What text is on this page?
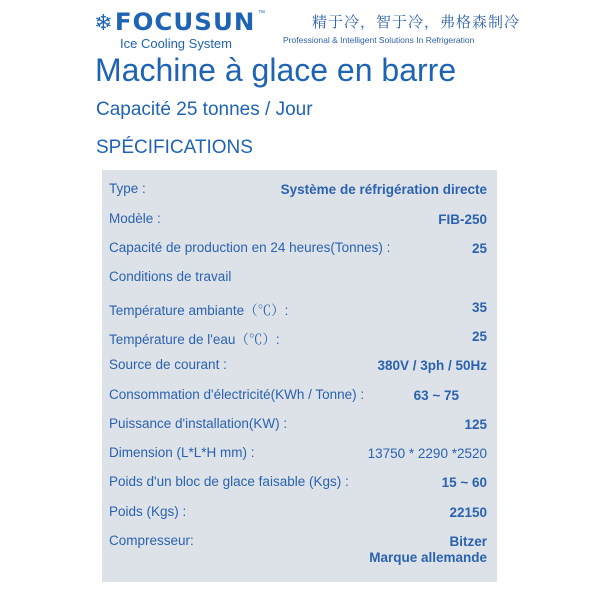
❄FOCUSUN ™
Ice Cooling System
精于冷，智于冷，弗格森制冷
Professional & Intelligent Solutions In Refrigeration
Machine à glace en barre
Capacité 25 tonnes / Jour
SPÉCIFICATIONS
Type :	Système de réfrigération directe
Modèle :	FIB-250
Capacité de production en 24 heures(Tonnes) :	25
Conditions de travail
Température ambiante（℃）:	35
Température de l'eau（℃）:	25
Source de courant :	380V / 3ph / 50Hz
Consommation d'électricité(KWh / Tonne) :	63 ~ 75
Puissance d'installation(KW) :	125
Dimension (L*L*H mm) :	13750 * 2290 *2520
Poids d'un bloc de glace faisable (Kgs) :	15 ~ 60
Poids (Kgs) :	22150
Compresseur:	Bitzer
Marque allemande
